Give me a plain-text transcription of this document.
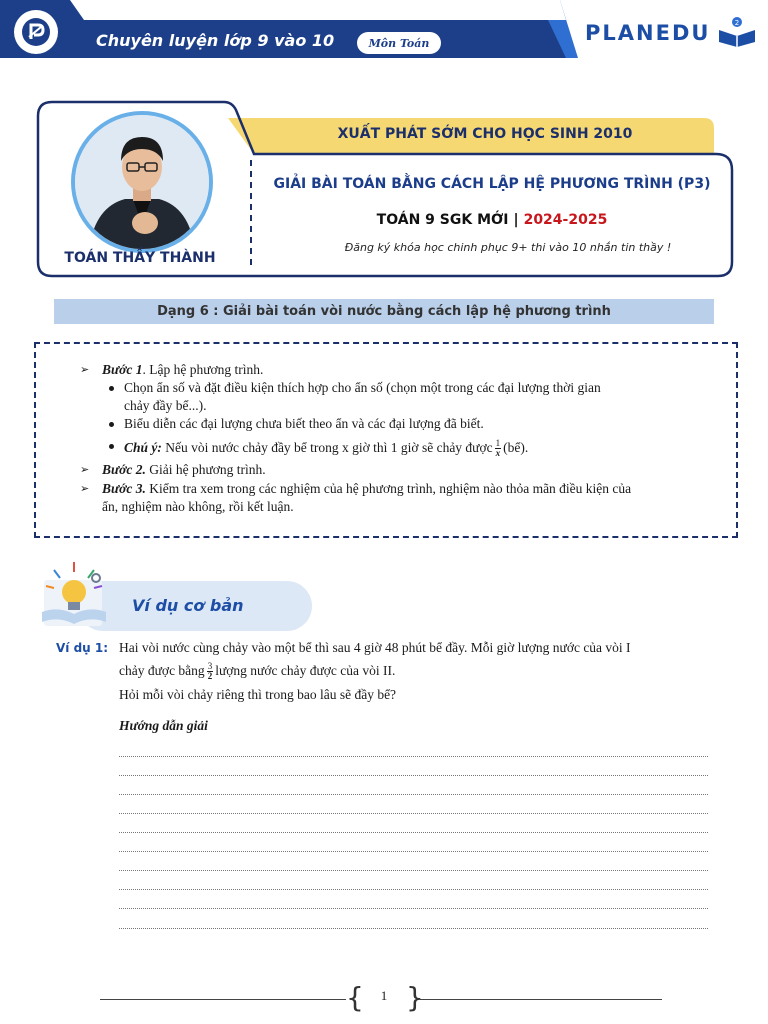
Chuyên luyện lớp 9 vào 10	Môn Toán	PLANEDU	2
TOÁN THẦY THÀNH
XUẤT PHÁT SỚM CHO HỌC SINH 2010
GIẢI BÀI TOÁN BẰNG CÁCH LẬP HỆ PHƯƠNG TRÌNH (P3)
TOÁN 9 SGK MỚI | 2024-2025
Đăng ký khóa học chinh phục 9+ thi vào 10 nhắn tin thầy !
Dạng 6 : Giải bài toán vòi nước bằng cách lập hệ phương trình
➢ Bước 1. Lập hệ phương trình.
Chọn ẩn số và đặt điều kiện thích hợp cho ẩn số (chọn một trong các đại lượng thời gian
chảy đầy bể...).
Biểu diễn các đại lượng chưa biết theo ẩn và các đại lượng đã biết.
Chú ý: Nếu vòi nước chảy đầy bể trong x giờ thì 1 giờ sẽ chảy được $\frac{1}{x}$ (bể).
➢ Bước 2. Giải hệ phương trình.
➢ Bước 3. Kiểm tra xem trong các nghiệm của hệ phương trình, nghiệm nào thỏa mãn điều kiện của
ẩn, nghiệm nào không, rồi kết luận.
Ví dụ cơ bản
Ví dụ 1: Hai vòi nước cùng chảy vào một bể thì sau 4 giờ 48 phút bể đầy. Mỗi giờ lượng nước của vòi I
chảy được bằng $\frac{3}{2}$ lượng nước chảy được của vòi II.
Hỏi mỗi vòi chảy riêng thì trong bao lâu sẽ đầy bể?
Hướng dẫn giải
{ }
1
